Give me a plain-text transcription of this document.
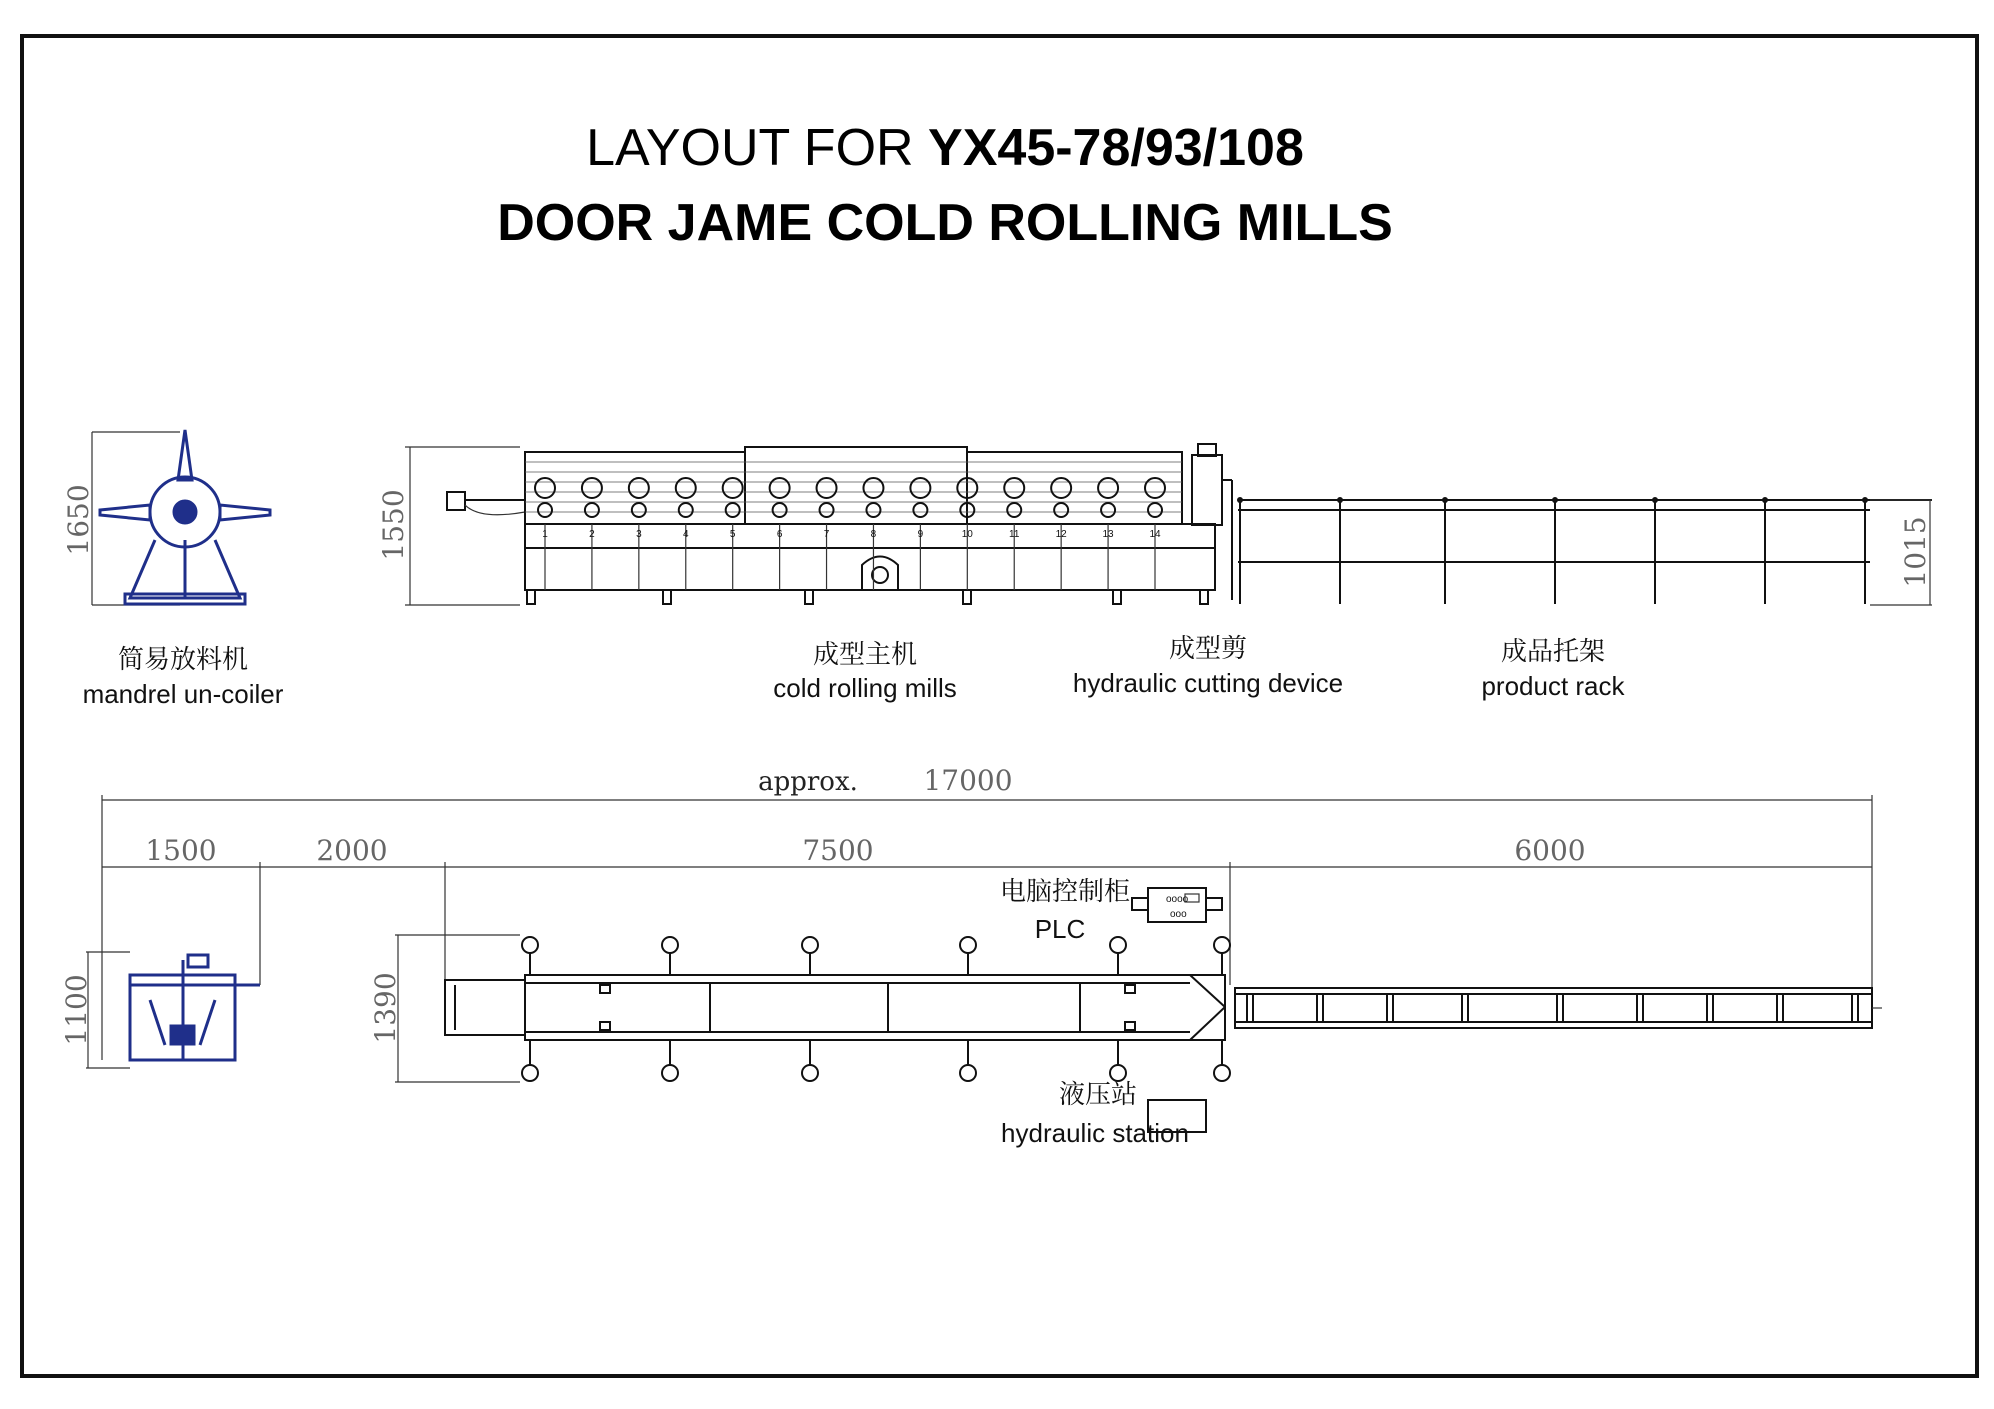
LAYOUT FOR YX45-78/93/108
DOOR JAME COLD ROLLING MILLS
1650	1	2	3	4	5	6	7	8	9	10	11	12	13	14
1550	1015
简易放料机
mandrel un-coiler
成型主机
cold rolling mills
成型剪
hydraulic cutting device
成品托架
product rack
approx. 17000
1500	2000	7500	6000
1100	1390
电脑控制柜
PLC
oooo
ooo
液压站
hydraulic station
